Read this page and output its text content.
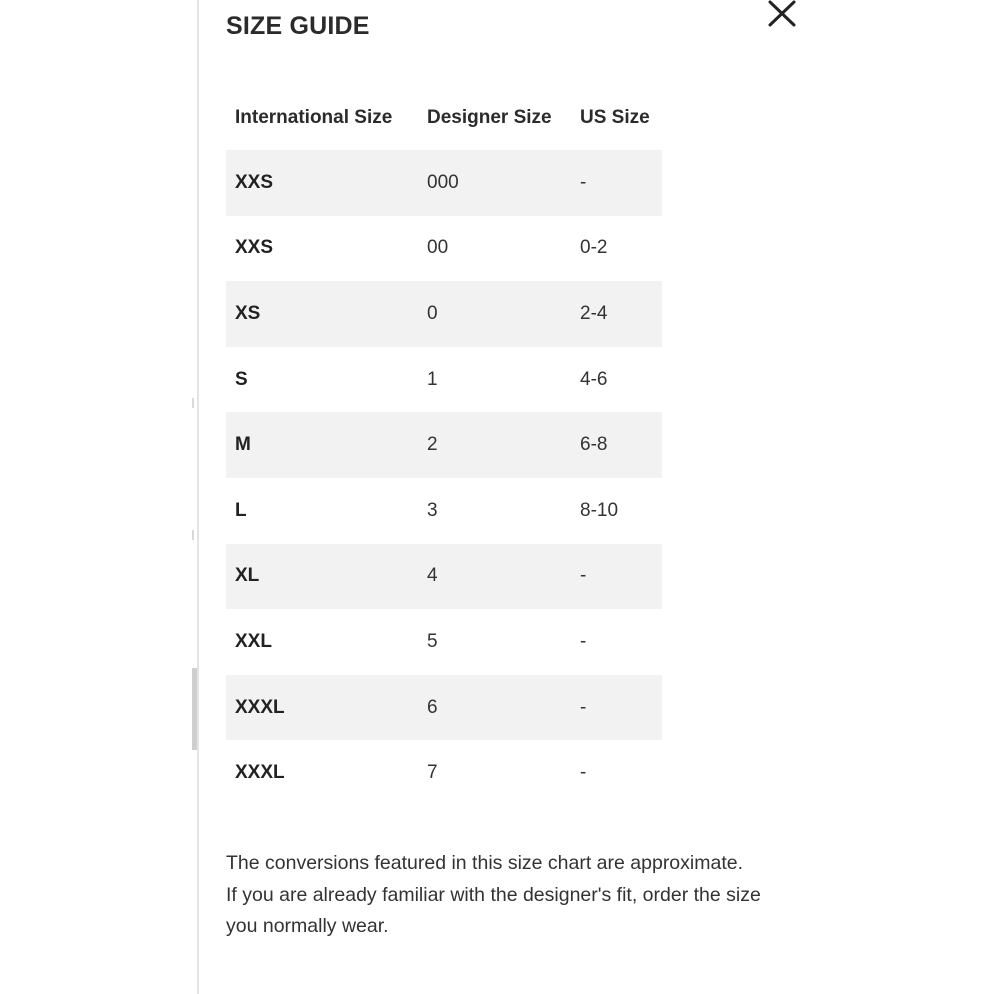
SIZE GUIDE
International Size	Designer Size	US Size
XXS	000	-
XXS	00	0-2
XS	0	2-4
S	1	4-6
M	2	6-8
L	3	8-10
XL	4	-
XXL	5	-
XXXL	6	-
XXXL	7	-

The conversions featured in this size chart are approximate.

If you are already familiar with the designer's fit, order the size you normally wear.
